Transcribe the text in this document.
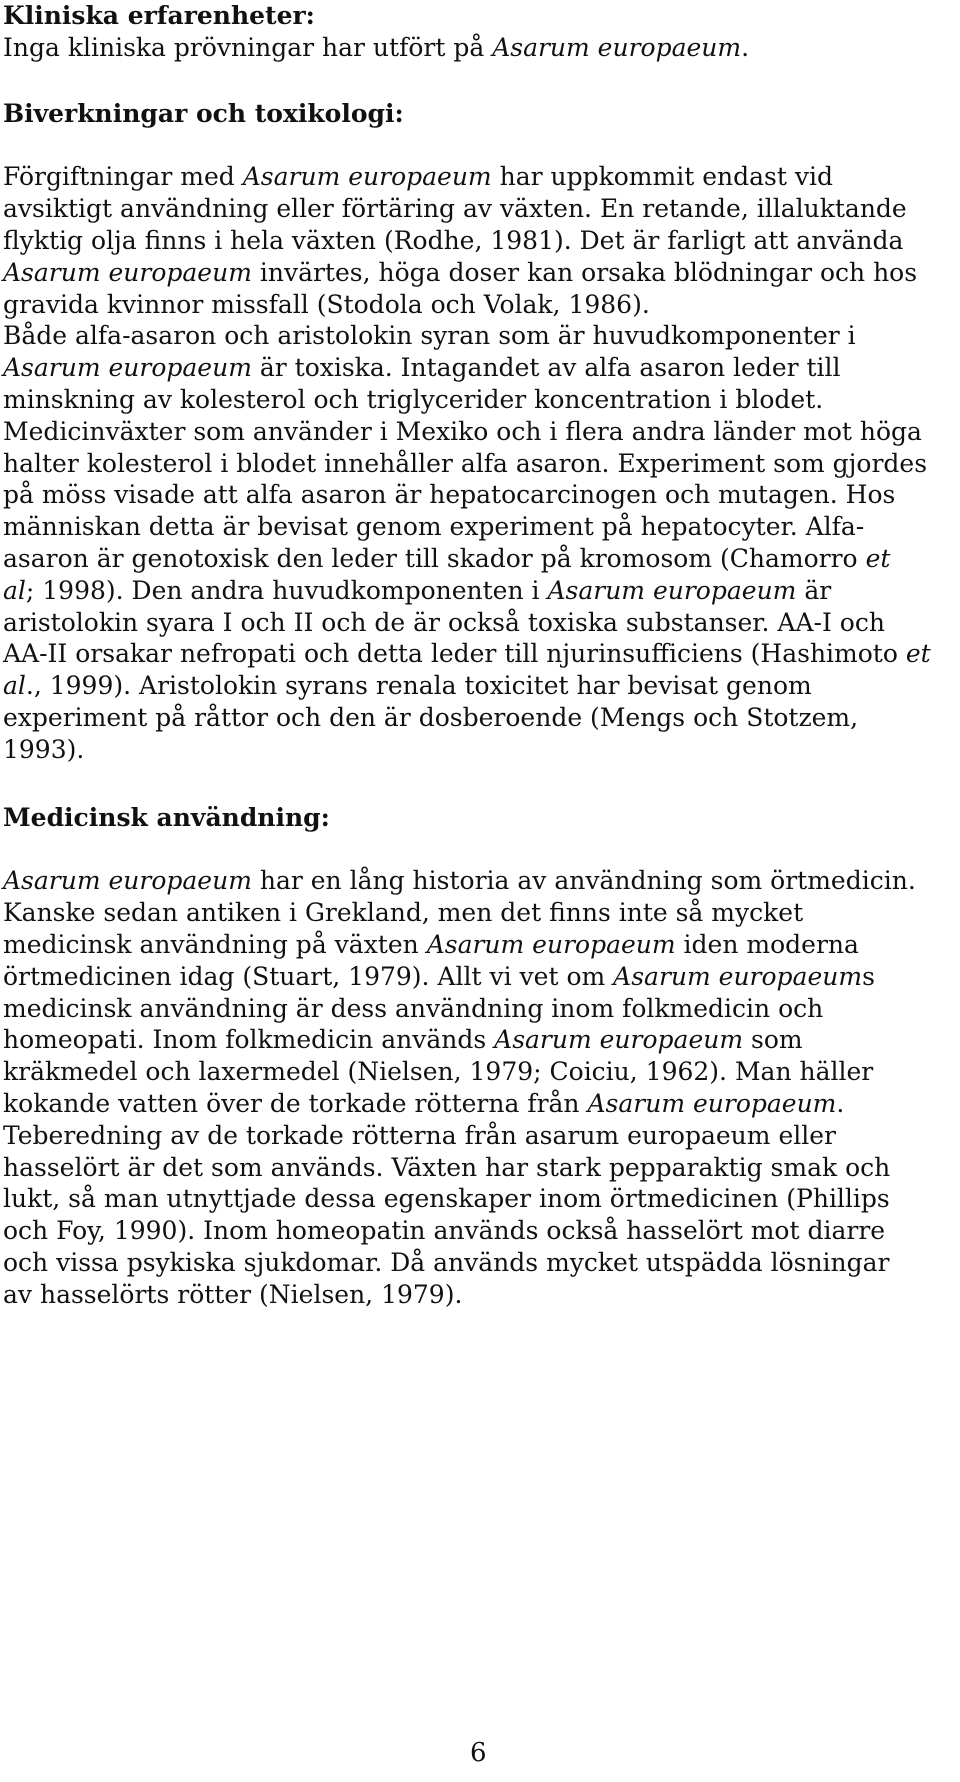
Kliniska erfarenheter:

Inga kliniska prövningar har utfört på Asarum europaeum.

Biverkningar och toxikologi:

Förgiftningar med Asarum europaeum har uppkommit endast vid

avsiktigt användning eller förtäring av växten. En retande, illaluktande

flyktig olja finns i hela växten (Rodhe, 1981). Det är farligt att använda

Asarum europaeum invärtes, höga doser kan orsaka blödningar och hos

gravida kvinnor missfall (Stodola och Volak, 1986).

Både alfa-asaron och aristolokin syran som är huvudkomponenter i

Asarum europaeum är toxiska. Intagandet av alfa asaron leder till

minskning av kolesterol och triglycerider koncentration i blodet.

Medicinväxter som använder i Mexiko och i flera andra länder mot höga

halter kolesterol i blodet innehåller alfa asaron. Experiment som gjordes

på möss visade att alfa asaron är hepatocarcinogen och mutagen. Hos

människan detta är bevisat genom experiment på hepatocyter. Alfa-

asaron är genotoxisk den leder till skador på kromosom (Chamorro et

al; 1998). Den andra huvudkomponenten i Asarum europaeum är

aristolokin syara I och II och de är också toxiska substanser. AA-I och

AA-II orsakar nefropati och detta leder till njurinsufficiens (Hashimoto et

al., 1999). Aristolokin syrans renala toxicitet har bevisat genom

experiment på råttor och den är dosberoende (Mengs och Stotzem,

1993).

Medicinsk användning:

Asarum europaeum har en lång historia av användning som örtmedicin.

Kanske sedan antiken i Grekland, men det finns inte så mycket

medicinsk användning på växten Asarum europaeum iden moderna

örtmedicinen idag (Stuart, 1979). Allt vi vet om Asarum europaeums

medicinsk användning är dess användning inom folkmedicin och

homeopati. Inom folkmedicin används Asarum europaeum som

kräkmedel och laxermedel (Nielsen, 1979; Coiciu, 1962). Man häller

kokande vatten över de torkade rötterna från Asarum europaeum.

Teberedning av de torkade rötterna från asarum europaeum eller

hasselört är det som används. Växten har stark pepparaktig smak och

lukt, så man utnyttjade dessa egenskaper inom örtmedicinen (Phillips

och Foy, 1990). Inom homeopatin används också hasselört mot diarre

och vissa psykiska sjukdomar. Då används mycket utspädda lösningar

av hasselörts rötter (Nielsen, 1979).

6
